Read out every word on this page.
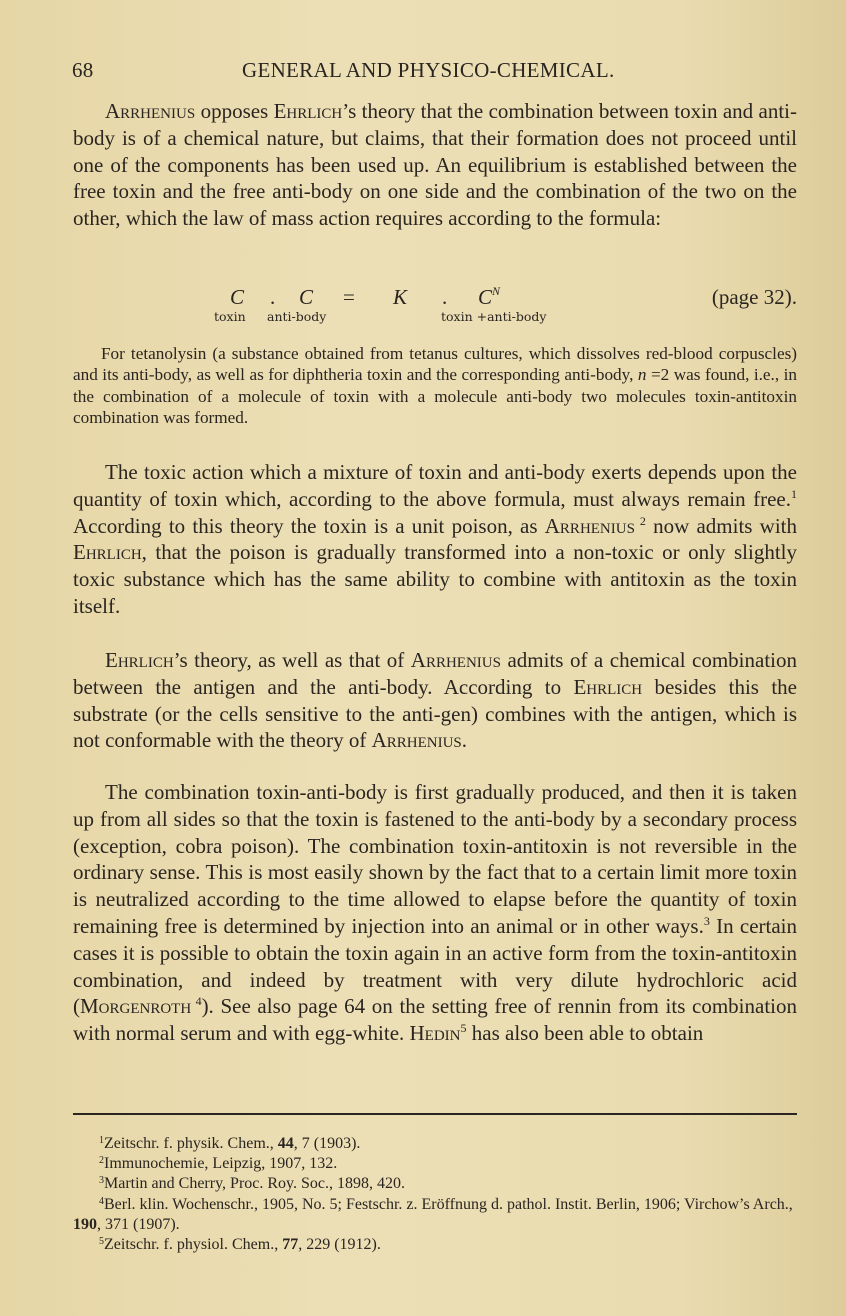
68	GENERAL AND PHYSICO-CHEMICAL.

Arrhenius opposes Ehrlich’s theory that the combination between toxin and anti-body is of a chemical nature, but claims, that their formation does not proceed until one of the components has been used up. An equilibrium is established between the free toxin and the free anti-body on one side and the combination of the two on the other, which the law of mass action requires according to the formula:

C
toxin
. C
anti-body
= K . $C^N$
toxin +anti-body
(page 32).

For tetanolysin (a substance obtained from tetanus cultures, which dissolves red-blood corpuscles) and its anti-body, as well as for diphtheria toxin and the corresponding anti-body, n =2 was found, i.e., in the combination of a molecule of toxin with a molecule anti-body two molecules toxin-antitoxin combination was formed.

The toxic action which a mixture of toxin and anti-body exerts depends upon the quantity of toxin which, according to the above formula, must always remain free.$^1$ According to this theory the toxin is a unit poison, as Arrhenius $^2$ now admits with Ehrlich, that the poison is gradually transformed into a non-toxic or only slightly toxic substance which has the same ability to combine with antitoxin as the toxin itself.

Ehrlich’s theory, as well as that of Arrhenius admits of a chemical combination between the antigen and the anti-body. According to Ehrlich besides this the substrate (or the cells sensitive to the anti-gen) combines with the antigen, which is not conformable with the theory of Arrhenius.

The combination toxin-anti-body is first gradually produced, and then it is taken up from all sides so that the toxin is fastened to the anti-body by a secondary process (exception, cobra poison). The combination toxin-antitoxin is not reversible in the ordinary sense. This is most easily shown by the fact that to a certain limit more toxin is neutralized according to the time allowed to elapse before the quantity of toxin remaining free is determined by injection into an animal or in other ways.$^3$ In certain cases it is possible to obtain the toxin again in an active form from the toxin-antitoxin combination, and indeed by treatment with very dilute hydrochloric acid (Morgenroth $^4$). See also page 64 on the setting free of rennin from its combination with normal serum and with egg-white. Hedin$^5$ has also been able to obtain

$^1$Zeitschr. f. physik. Chem., 44, 7 (1903).

$^2$Immunochemie, Leipzig, 1907, 132.

$^3$Martin and Cherry, Proc. Roy. Soc., 1898, 420.

$^4$Berl. klin. Wochenschr., 1905, No. 5; Festschr. z. Eröffnung d. pathol. Instit. Berlin, 1906; Virchow’s Arch., 190, 371 (1907).

$^5$Zeitschr. f. physiol. Chem., 77, 229 (1912).
